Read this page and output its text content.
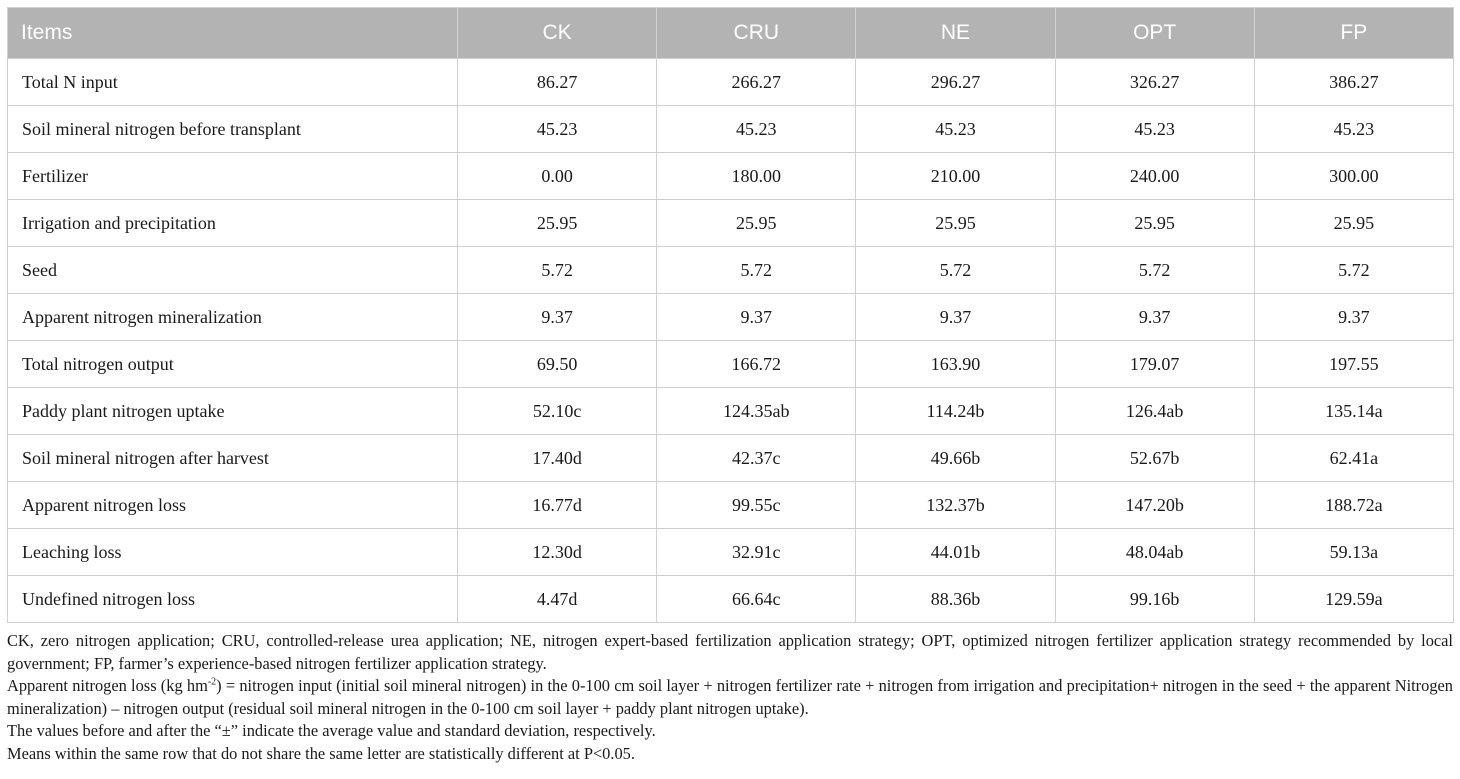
Items	CK	CRU	NE	OPT	FP
Total N input	86.27	266.27	296.27	326.27	386.27
Soil mineral nitrogen before transplant	45.23	45.23	45.23	45.23	45.23
Fertilizer	0.00	180.00	210.00	240.00	300.00
Irrigation and precipitation	25.95	25.95	25.95	25.95	25.95
Seed	5.72	5.72	5.72	5.72	5.72
Apparent nitrogen mineralization	9.37	9.37	9.37	9.37	9.37
Total nitrogen output	69.50	166.72	163.90	179.07	197.55
Paddy plant nitrogen uptake	52.10c	124.35ab	114.24b	126.4ab	135.14a
Soil mineral nitrogen after harvest	17.40d	42.37c	49.66b	52.67b	62.41a
Apparent nitrogen loss	16.77d	99.55c	132.37b	147.20b	188.72a
Leaching loss	12.30d	32.91c	44.01b	48.04ab	59.13a
Undefined nitrogen loss	4.47d	66.64c	88.36b	99.16b	129.59a

CK, zero nitrogen application; CRU, controlled-release urea application; NE, nitrogen expert-based fertilization application strategy; OPT, optimized nitrogen fertilizer application strategy recommended by local government; FP, farmer’s experience-based nitrogen fertilizer application strategy.

Apparent nitrogen loss (kg $hm^{-2}$) = nitrogen input (initial soil mineral nitrogen) in the 0-100 cm soil layer + nitrogen fertilizer rate + nitrogen from irrigation and precipitation+ nitrogen in the seed + the apparent Nitrogen mineralization) – nitrogen output (residual soil mineral nitrogen in the 0-100 cm soil layer + paddy plant nitrogen uptake).

The values before and after the “±” indicate the average value and standard deviation, respectively.

Means within the same row that do not share the same letter are statistically different at P<0.05.
